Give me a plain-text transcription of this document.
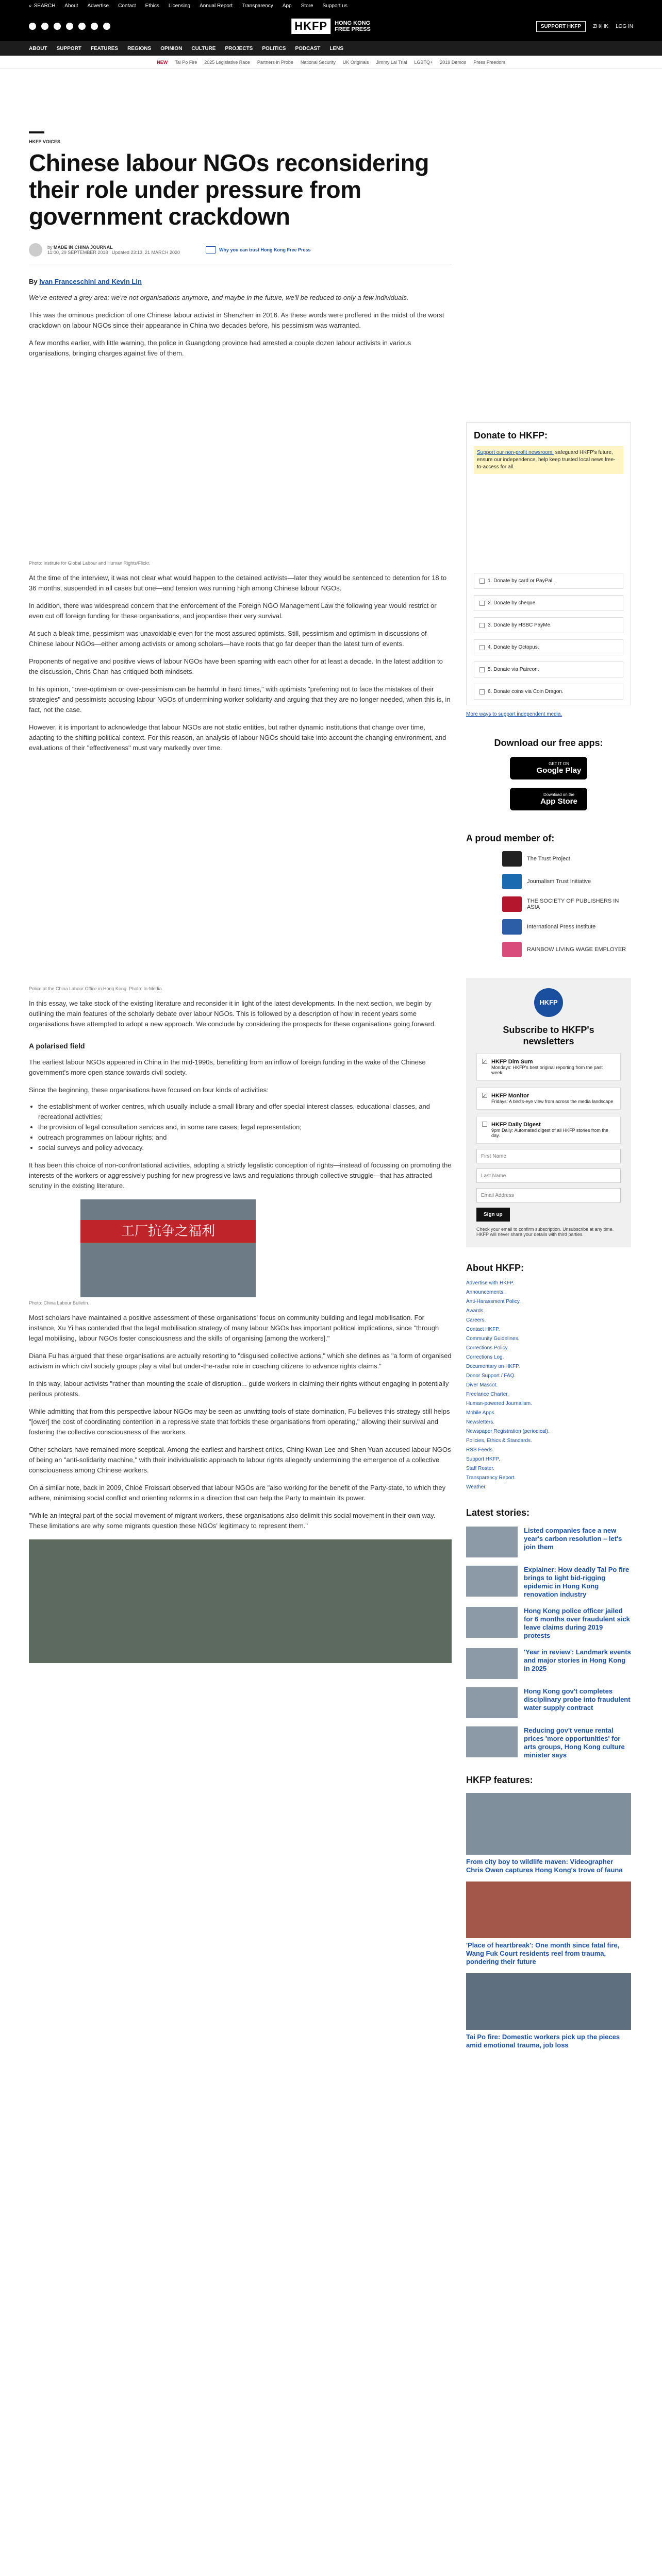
⌕ SEARCH About Advertise Contact Ethics Licensing Annual Report Transparency App Store Support us
HKFP	HONG KONG
FREE PRESS	SUPPORT HKFP	ZH/HK LOG IN
ABOUT SUPPORT FEATURES REGIONS OPINION CULTURE PROJECTS POLITICS PODCAST LENS
NEW Tai Po Fire 2025 Legislative Race Partners in Probe National Security UK Originals Jimmy Lai Trial LGBTQ+ 2019 Demos Press Freedom
HKFP VOICES
Chinese labour NGOs reconsidering their role under pressure from government crackdown
by MADE IN CHINA JOURNAL
11:00, 29 SEPTEMBER 2018 Updated 23:13, 21 MARCH 2020	Why you can trust Hong Kong Free Press
By Ivan Franceschini and Kevin Lin

We've entered a grey area: we're not organisations anymore, and maybe in the future, we'll be reduced to only a few individuals.

This was the ominous prediction of one Chinese labour activist in Shenzhen in 2016. As these words were proffered in the midst of the worst crackdown on labour NGOs since their appearance in China two decades before, his pessimism was warranted.

A few months earlier, with little warning, the police in Guangdong province had arrested a couple dozen labour activists in various organisations, bringing charges against five of them.

Photo: Institute for Global Labour and Human Rights/Flickr.

At the time of the interview, it was not clear what would happen to the detained activists—later they would be sentenced to detention for 18 to 36 months, suspended in all cases but one—and tension was running high among Chinese labour NGOs.

In addition, there was widespread concern that the enforcement of the Foreign NGO Management Law the following year would restrict or even cut off foreign funding for these organisations, and jeopardise their very survival.

At such a bleak time, pessimism was unavoidable even for the most assured optimists. Still, pessimism and optimism in discussions of Chinese labour NGOs—either among activists or among scholars—have roots that go far deeper than the latest turn of events.

Proponents of negative and positive views of labour NGOs have been sparring with each other for at least a decade. In the latest addition to the discussion, Chris Chan has critiqued both mindsets.

In his opinion, "over-optimism or over-pessimism can be harmful in hard times," with optimists "preferring not to face the mistakes of their strategies" and pessimists accusing labour NGOs of undermining worker solidarity and arguing that they are no longer needed, when this is, in fact, not the case.

However, it is important to acknowledge that labour NGOs are not static entities, but rather dynamic institutions that change over time, adapting to the shifting political context. For this reason, an analysis of labour NGOs should take into account the changing environment, and evaluations of their "effectiveness" must vary markedly over time.

Police at the China Labour Office in Hong Kong. Photo: In-Media

In this essay, we take stock of the existing literature and reconsider it in light of the latest developments. In the next section, we begin by outlining the main features of the scholarly debate over labour NGOs. This is followed by a description of how in recent years some organisations have attempted to adopt a new approach. We conclude by considering the prospects for these organisations going forward.

A polarised field

The earliest labour NGOs appeared in China in the mid-1990s, benefitting from an inflow of foreign funding in the wake of the Chinese government's more open stance towards civil society.

Since the beginning, these organisations have focused on four kinds of activities:

• the establishment of worker centres, which usually include a small library and offer special interest classes, educational classes, and recreational activities;
• the provision of legal consultation services and, in some rare cases, legal representation;
• outreach programmes on labour rights; and
• social surveys and policy advocacy.

It has been this choice of non-confrontational activities, adopting a strictly legalistic conception of rights—instead of focussing on promoting the interests of the workers or aggressively pushing for new progressive laws and regulations through collective struggle—that has attracted scrutiny in the existing literature.

工厂抗争之福利
Photo: China Labour Bulletin.

Most scholars have maintained a positive assessment of these organisations' focus on community building and legal mobilisation. For instance, Xu Yi has contended that the legal mobilisation strategy of many labour NGOs has important political implications, since "through legal mobilising, labour NGOs foster consciousness and the skills of organising [among the workers]."

Diana Fu has argued that these organisations are actually resorting to "disguised collective actions," which she defines as "a form of organised activism in which civil society groups play a vital but under-the-radar role in coaching citizens to advance rights claims."

In this way, labour activists "rather than mounting the scale of disruption... guide workers in claiming their rights without engaging in potentially perilous protests.

While admitting that from this perspective labour NGOs may be seen as unwitting tools of state domination, Fu believes this strategy still helps "[ower] the cost of coordinating contention in a repressive state that forbids these organisations from operating," allowing their survival and fostering the collective consciousness of the workers.

Other scholars have remained more sceptical. Among the earliest and harshest critics, Ching Kwan Lee and Shen Yuan accused labour NGOs of being an "anti-solidarity machine," with their individualistic approach to labour rights allegedly undermining the emergence of a collective consciousness among Chinese workers.

On a similar note, back in 2009, Chloé Froissart observed that labour NGOs are "also working for the benefit of the Party-state, to which they adhere, minimising social conflict and orienting reforms in a direction that can help the Party to maintain its power.

"While an integral part of the social movement of migrant workers, these organisations also delimit this social movement in their own way. These limitations are why some migrants question these NGOs' legitimacy to represent them."

Donate to HKFP:
Support our non-profit newsroom; safeguard HKFP's future, ensure our independence, help keep trusted local news free-to-access for all.
1. Donate by card or PayPal.
2. Donate by cheque.
3. Donate by HSBC PayMe.
4. Donate by Octopus.
5. Donate via Patreon.
6. Donate coins via Coin Dragon.
More ways to support independent media.
Download our free apps:
GET IT ON
Google Play
Download on the
App Store
A proud member of:
The Trust Project
Journalism Trust Initiative
THE SOCIETY OF PUBLISHERS IN ASIA
International Press Institute
RAINBOW LIVING WAGE EMPLOYER
HKFP
Subscribe to HKFP's newsletters
✓ HKFP Dim Sum
Mondays: HKFP's best original reporting from the past week.
✓ HKFP Monitor
Fridays: A bird's-eye view from across the media landscape
HKFP Daily Digest
9pm Daily: Automated digest of all HKFP stories from the day.
First Name
Last Name
Email Address
Sign up
Check your email to confirm subscription. Unsubscribe at any time. HKFP will never share your details with third parties.
About HKFP:
Advertise with HKFP.
Announcements.
Anti-Harassment Policy.
Awards.
Careers.
Contact HKFP.
Community Guidelines.
Corrections Policy.
Corrections Log.
Documentary on HKFP.
Donor Support / FAQ.
Diver Mascot.
Freelance Charter.
Human-powered Journalism.
Mobile Apps.
Newsletters.
Newspaper Registration (periodical).
Policies, Ethics & Standards.
RSS Feeds.
Support HKFP.
Staff Roster.
Transparency Report.
Weather.
Latest stories:
Listed companies face a new year's carbon resolution – let's join them
Explainer: How deadly Tai Po fire brings to light bid-rigging epidemic in Hong Kong renovation industry
Hong Kong police officer jailed for 6 months over fraudulent sick leave claims during 2019 protests
'Year in review': Landmark events and major stories in Hong Kong in 2025
Hong Kong gov't completes disciplinary probe into fraudulent water supply contract
Reducing gov't venue rental prices 'more opportunities' for arts groups, Hong Kong culture minister says
HKFP features:
From city boy to wildlife maven: Videographer Chris Owen captures Hong Kong's trove of fauna
'Place of heartbreak': One month since fatal fire, Wang Fuk Court residents reel from trauma, pondering their future
Tai Po fire: Domestic workers pick up the pieces amid emotional trauma, job loss
